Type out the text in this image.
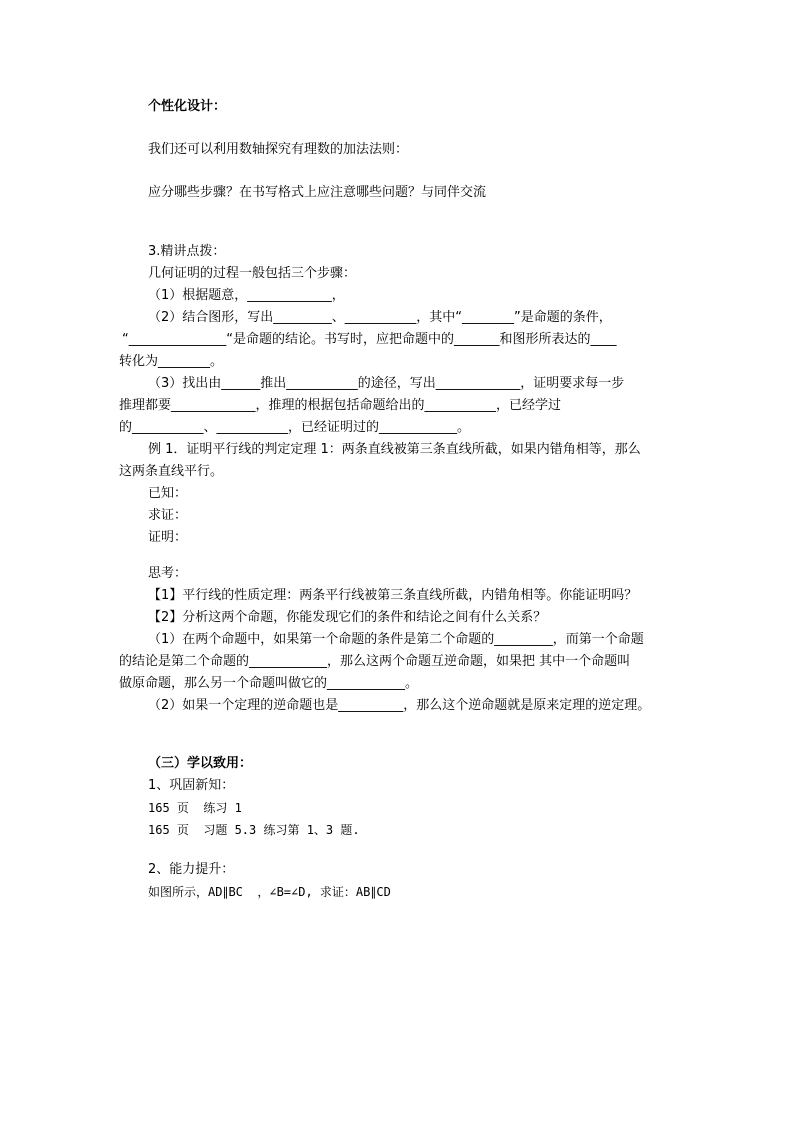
个性化设计：
我们还可以利用数轴探究有理数的加法法则：
应分哪些步骤？在书写格式上应注意哪些问题？与同伴交流
3.精讲点拨：
几何证明的过程一般包括三个步骤：
（1）根据题意，_____________，
（2）结合图形，写出_________、___________，其中“________”是命题的条件，
“_______________“是命题的结论。书写时，应把命题中的_______和图形所表达的____
转化为________。
（3）找出由______推出___________的途径，写出_____________，证明要求每一步
推理都要_____________，推理的根据包括命题给出的___________，已经学过
的___________、___________，已经证明过的____________。
例 1．证明平行线的判定定理 1：两条直线被第三条直线所截，如果内错角相等，那么
这两条直线平行。
已知：
求证：
证明：
思考：
【1】平行线的性质定理：两条平行线被第三条直线所截，内错角相等。你能证明吗？
【2】分析这两个命题，你能发现它们的条件和结论之间有什么关系？
（1）在两个命题中，如果第一个命题的条件是第二个命题的_________，而第一个命题
的结论是第二个命题的____________，那么这两个命题互逆命题，如果把 其中一个命题叫
做原命题，那么另一个命题叫做它的____________。
（2）如果一个定理的逆命题也是__________，那么这个逆命题就是原来定理的逆定理。
（三）学以致用：
1、巩固新知：
165 页  练习 1
165 页  习题 5.3 练习第 1、3 题.
2、能力提升：
如图所示，AD∥BC  ，∠B=∠D, 求证：AB∥CD
